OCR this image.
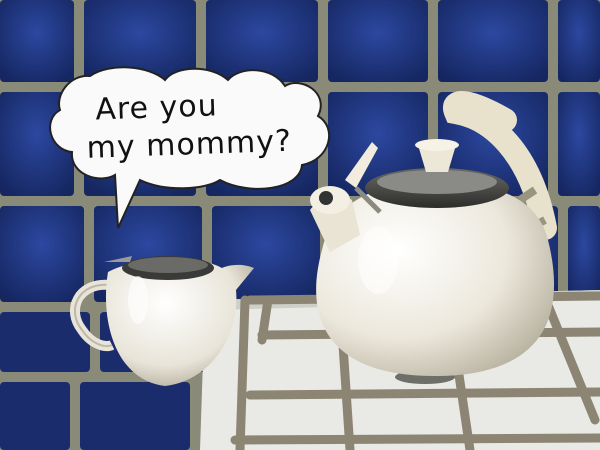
Are you
my mommy?
